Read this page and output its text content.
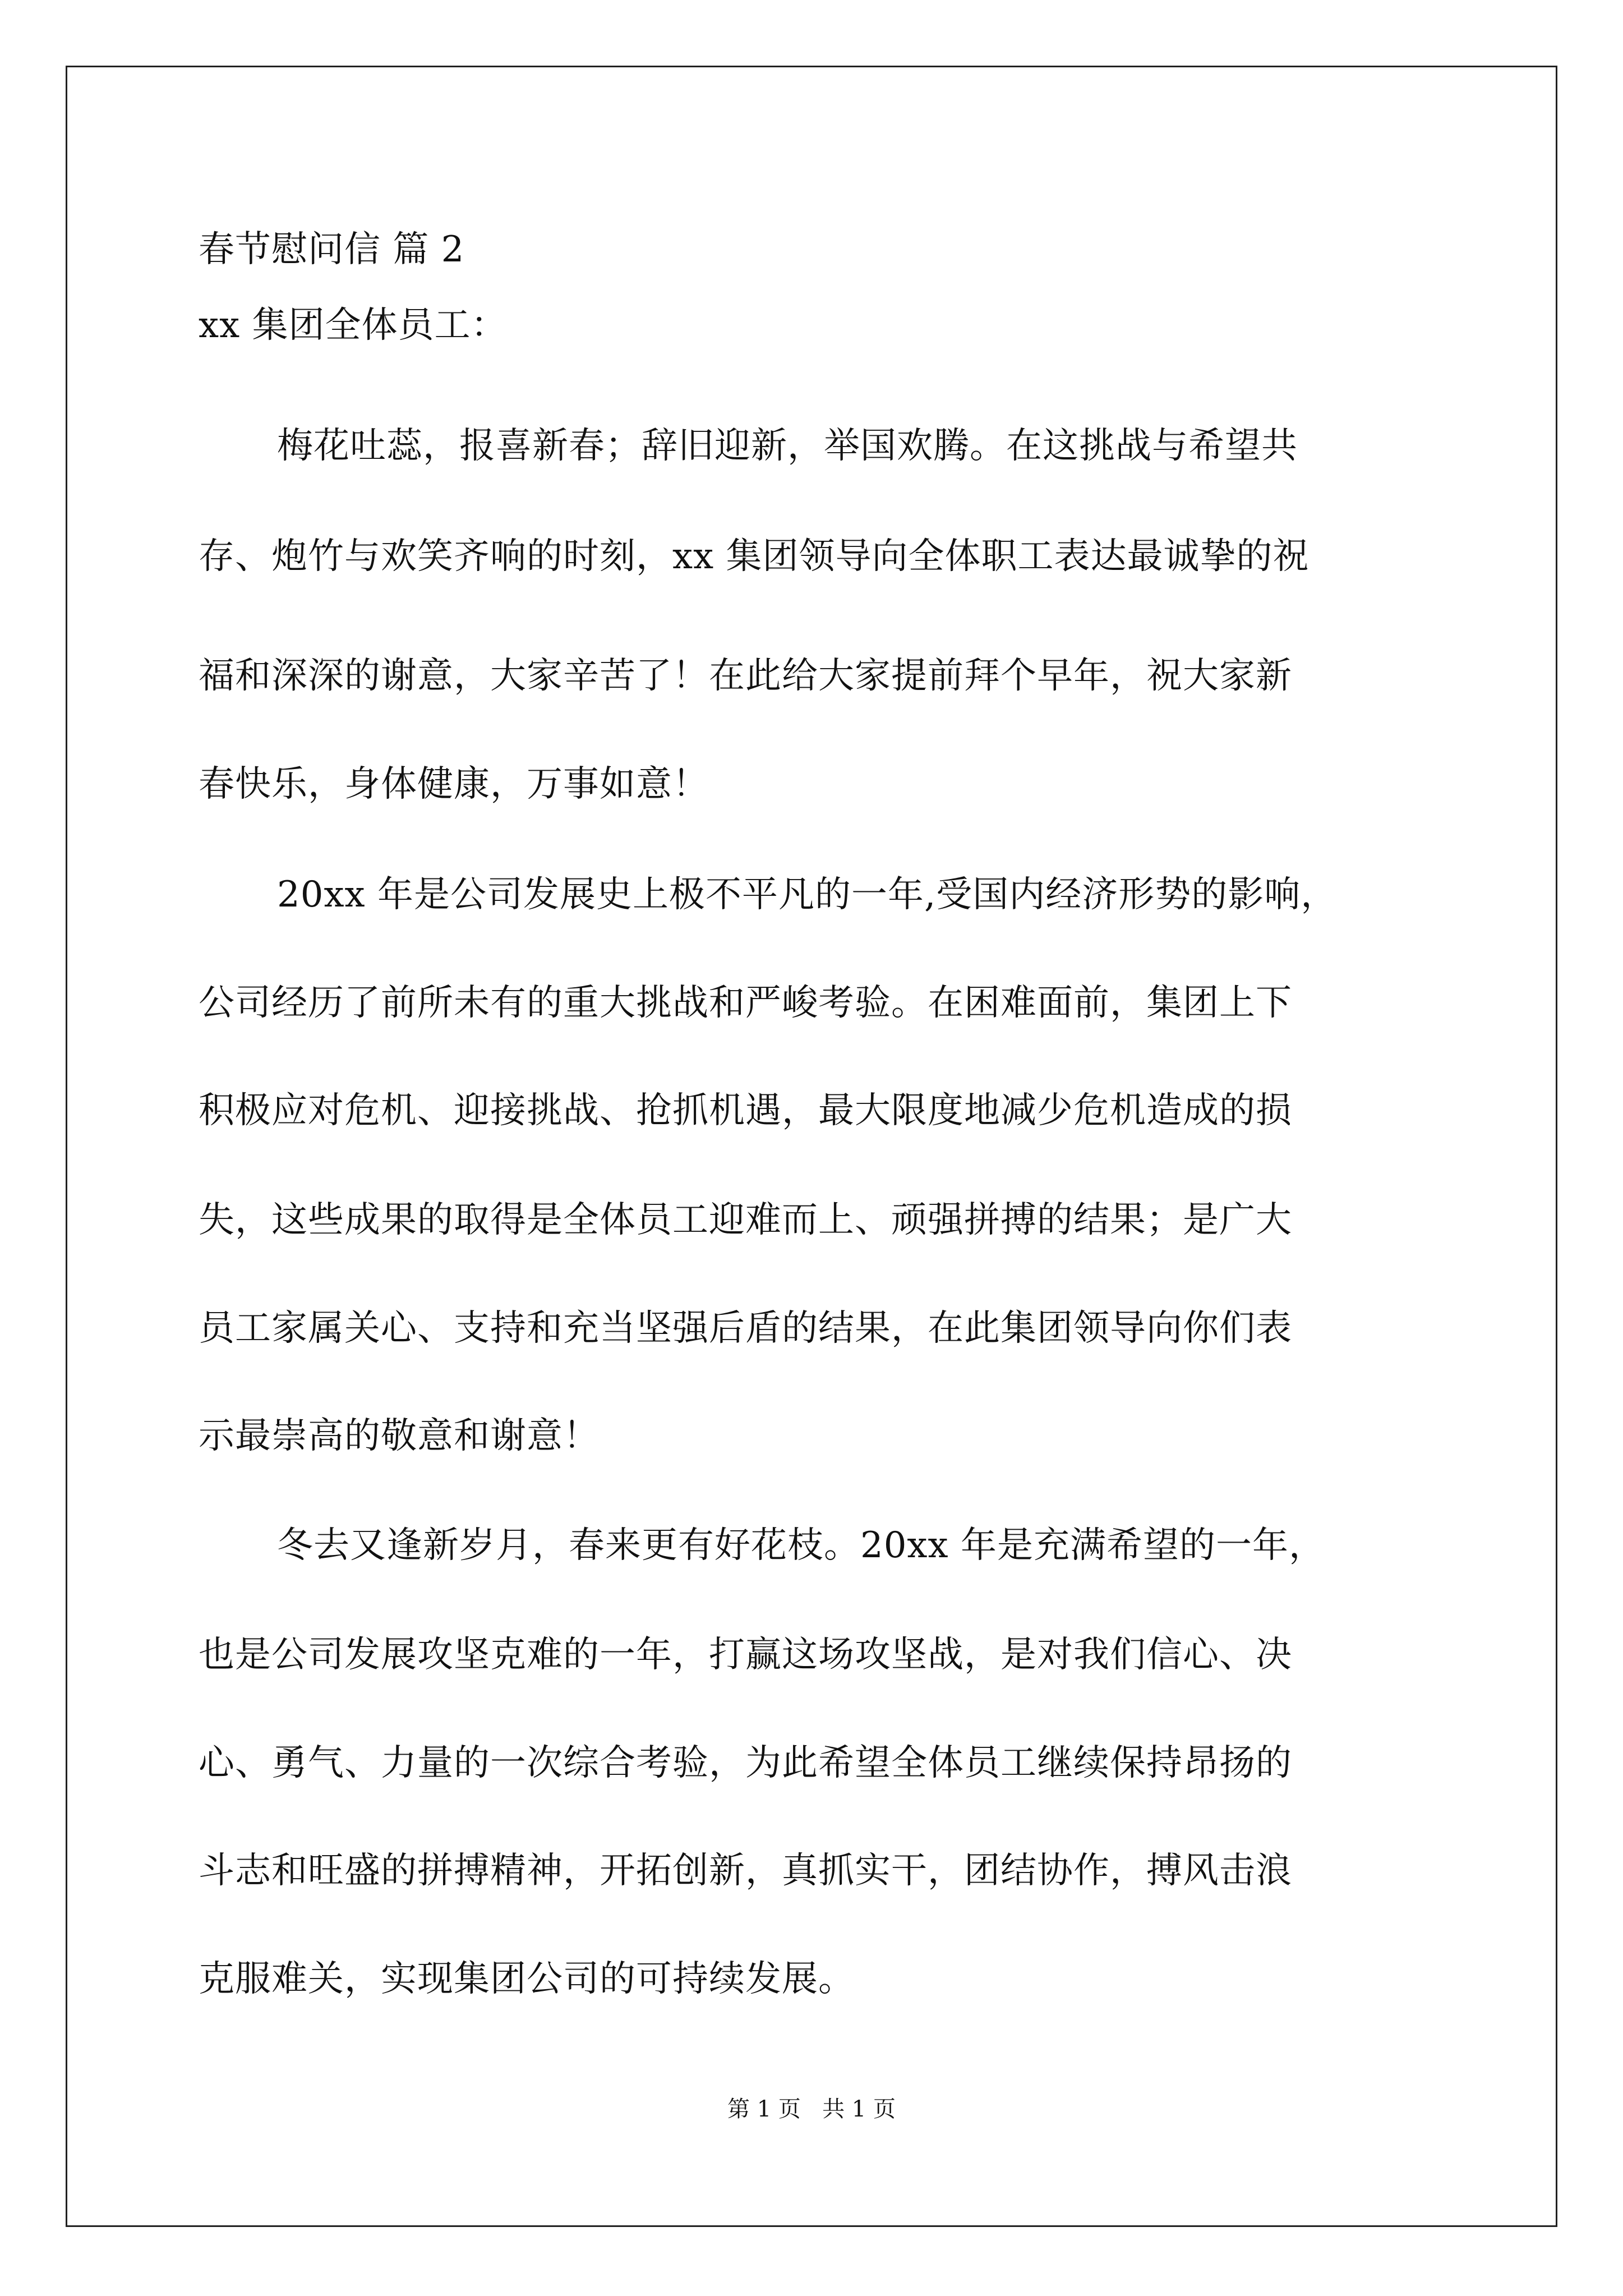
春节慰问信 篇 2
xx 集团全体员工：
梅花吐蕊，报喜新春；辞旧迎新，举国欢腾。在这挑战与希望共
存、炮竹与欢笑齐响的时刻，xx 集团领导向全体职工表达最诚挚的祝
福和深深的谢意，大家辛苦了！在此给大家提前拜个早年，祝大家新
春快乐，身体健康，万事如意！
20xx 年是公司发展史上极不平凡的一年,受国内经济形势的影响，
公司经历了前所未有的重大挑战和严峻考验。在困难面前，集团上下
积极应对危机、迎接挑战、抢抓机遇，最大限度地减少危机造成的损
失，这些成果的取得是全体员工迎难而上、顽强拼搏的结果；是广大
员工家属关心、支持和充当坚强后盾的结果，在此集团领导向你们表
示最崇高的敬意和谢意！
冬去又逢新岁月，春来更有好花枝。20xx 年是充满希望的一年，
也是公司发展攻坚克难的一年，打赢这场攻坚战，是对我们信心、决
心、勇气、力量的一次综合考验，为此希望全体员工继续保持昂扬的
斗志和旺盛的拼搏精神，开拓创新，真抓实干，团结协作，搏风击浪
克服难关，实现集团公司的可持续发展。
第 1 页   共 1 页
